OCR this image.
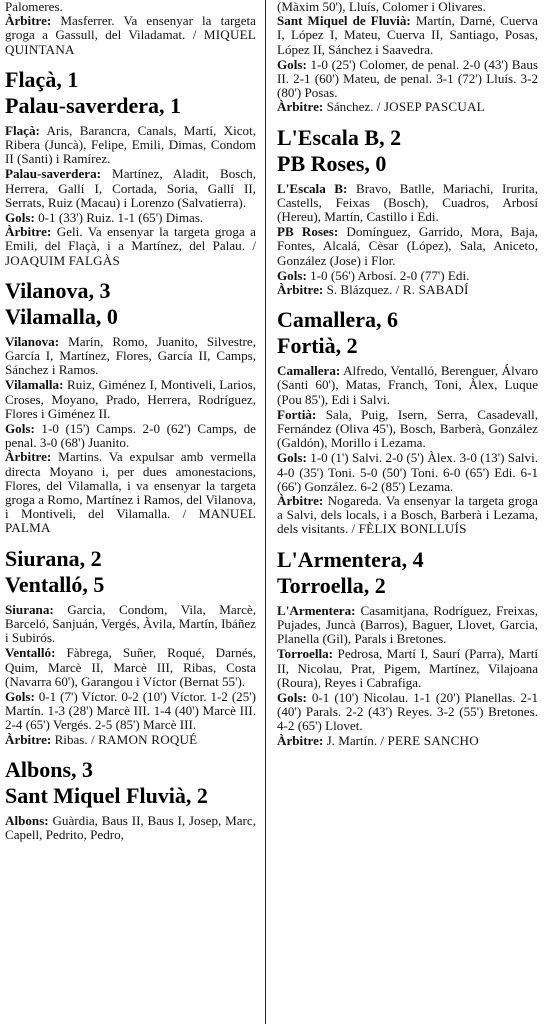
Palomeres.

Àrbitre: Masferrer. Va ensenyar la targeta groga a Gassull, del Viladamat. / MIQUEL QUINTANA

Flaçà, 1
Palau-saverdera, 1

Flaçà: Aris, Barancra, Canals, Martí, Xicot, Ribera (Juncà), Felipe, Emili, Dimas, Condom II (Santi) i Ramírez.

Palau-saverdera: Martínez, Aladit, Bosch, Herrera, Gallí I, Cortada, Soria, Gallí II, Serrats, Ruiz (Macau) i Lorenzo (Salvatierra).

Gols: 0-1 (33') Ruiz. 1-1 (65') Dimas.

Àrbitre: Geli. Va ensenyar la targeta groga a Emili, del Flaçà, i a Martínez, del Palau. / JOAQUIM FALGÀS

Vilanova, 3
Vilamalla, 0

Vilanova: Marín, Romo, Juanito, Silvestre, García I, Martínez, Flores, García II, Camps, Sánchez i Ramos.

Vilamalla: Ruiz, Giménez I, Montiveli, Larios, Croses, Moyano, Prado, Herrera, Rodríguez, Flores i Giménez II.

Gols: 1-0 (15') Camps. 2-0 (62') Camps, de penal. 3-0 (68') Juanito.

Àrbitre: Martins. Va expulsar amb vermella directa Moyano i, per dues amonestacions, Flores, del Vilamalla, i va ensenyar la targeta groga a Romo, Martínez i Ramos, del Vilanova, i Montiveli, del Vilamalla. / MANUEL PALMA

Siurana, 2
Ventalló, 5

Siurana: Garcia, Condom, Vila, Marcè, Barceló, Sanjuán, Vergés, Àvila, Martín, Ibáñez i Subirós.

Ventalló: Fàbrega, Suñer, Roqué, Darnés, Quim, Marcè II, Marcè III, Ribas, Costa (Navarra 60'), Garangou i Víctor (Bernat 55').

Gols: 0-1 (7') Víctor. 0-2 (10') Víctor. 1-2 (25') Martín. 1-3 (28') Marcè III. 1-4 (40') Marcè III. 2-4 (65') Vergés. 2-5 (85') Marcè III.

Àrbitre: Ribas. / RAMON ROQUÉ

Albons, 3
Sant Miquel Fluvià, 2

Albons: Guàrdia, Baus II, Baus I, Josep, Marc, Capell, Pedrito, Pedro,

(Màxim 50'), Lluís, Colomer i Olivares.

Sant Miquel de Fluvià: Martín, Darné, Cuerva I, López I, Mateu, Cuerva II, Santiago, Posas, López II, Sánchez i Saavedra.

Gols: 1-0 (25') Colomer, de penal. 2-0 (43') Baus II. 2-1 (60') Mateu, de penal. 3-1 (72') Lluís. 3-2 (80') Posas.

Àrbitre: Sánchez. / JOSEP PASCUAL

L'Escala B, 2
PB Roses, 0

L'Escala B: Bravo, Batlle, Mariachi, Irurita, Castells, Feixas (Bosch), Cuadros, Arbosí (Hereu), Martín, Castillo i Edi.

PB Roses: Domínguez, Garrido, Mora, Baja, Fontes, Alcalá, Cèsar (López), Sala, Aniceto, González (Jose) i Flor.

Gols: 1-0 (56') Arbosí. 2-0 (77') Edi.

Àrbitre: S. Blázquez. / R. SABADÍ

Camallera, 6
Fortià, 2

Camallera: Alfredo, Ventalló, Berenguer, Álvaro (Santi 60'), Matas, Franch, Toni, Àlex, Luque (Pou 85'), Edi i Salvi.

Fortià: Sala, Puig, Isern, Serra, Casadevall, Fernández (Oliva 45'), Bosch, Barberà, González (Galdón), Morillo i Lezama.

Gols: 1-0 (1') Salvi. 2-0 (5') Àlex. 3-0 (13') Salvi. 4-0 (35') Toni. 5-0 (50') Toni. 6-0 (65') Edi. 6-1 (66') González. 6-2 (85') Lezama.

Àrbitre: Nogareda. Va ensenyar la targeta groga a Salvi, dels locals, i a Bosch, Barberà i Lezama, dels visitants. / FÈLIX BONLLUÍS

L'Armentera, 4
Torroella, 2

L'Armentera: Casamitjana, Rodríguez, Freixas, Pujades, Juncà (Barros), Baguer, Llovet, Garcia, Planella (Gil), Parals i Bretones.

Torroella: Pedrosa, Martí I, Saurí (Parra), Martí II, Nicolau, Prat, Pigem, Martínez, Vilajoana (Roura), Reyes i Cabrafiga.

Gols: 0-1 (10') Nicolau. 1-1 (20') Planellas. 2-1 (40') Parals. 2-2 (43') Reyes. 3-2 (55') Bretones. 4-2 (65') Llovet.

Àrbitre: J. Martín. / PERE SANCHO
